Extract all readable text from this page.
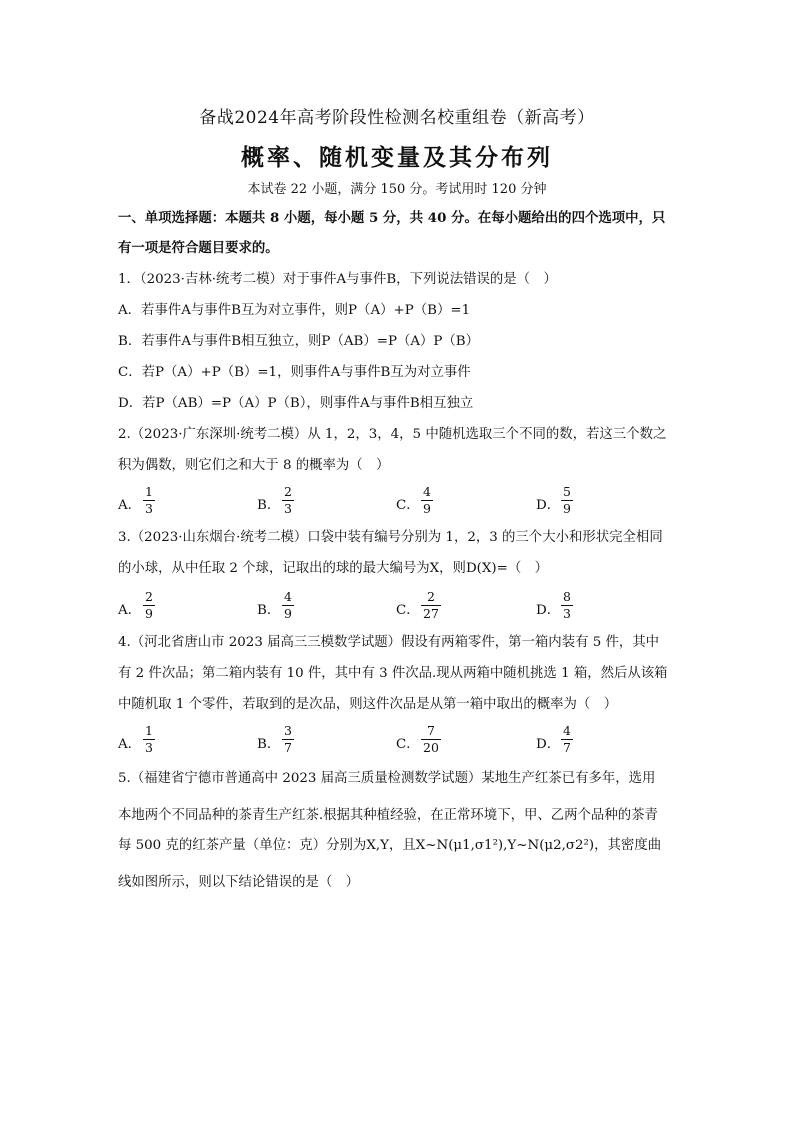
备战2024年高考阶段性检测名校重组卷（新高考）
概率、随机变量及其分布列
本试卷 22 小题，满分 150 分。考试用时 120 分钟
一、单项选择题：本题共 8 小题，每小题 5 分，共 40 分。在每小题给出的四个选项中，只
有一项是符合题目要求的。
1．（2023·吉林·统考二模）对于事件A与事件B，下列说法错误的是（　）
A．若事件A与事件B互为对立事件，则P（A）+P（B）=1
B．若事件A与事件B相互独立，则P（AB）=P（A）P（B）
C．若P（A）+P（B）=1，则事件A与事件B互为对立事件
D．若P（AB）=P（A）P（B），则事件A与事件B相互独立
2.（2023·广东深圳·统考二模）从 1，2，3，4，5 中随机选取三个不同的数，若这三个数之
积为偶数，则它们之和大于 8 的概率为（　）
A．
1
3	B．
2
3	C．
4
9	D．
5
9
3.（2023·山东烟台·统考二模）口袋中装有编号分别为 1，2，3 的三个大小和形状完全相同
的小球，从中任取 2 个球，记取出的球的最大编号为X，则D(X)=（　）
A．
2
9	B．
4
9	C．
2
27	D．
8
3
4.（河北省唐山市 2023 届高三三模数学试题）假设有两箱零件，第一箱内装有 5 件，其中
有 2 件次品；第二箱内装有 10 件，其中有 3 件次品.现从两箱中随机挑选 1 箱，然后从该箱
中随机取 1 个零件，若取到的是次品，则这件次品是从第一箱中取出的概率为（　）
A．
1
3	B．
3
7	C．
7
20	D．
4
7
5.（福建省宁德市普通高中 2023 届高三质量检测数学试题）某地生产红茶已有多年，选用
本地两个不同品种的茶青生产红茶.根据其种植经验，在正常环境下，甲、乙两个品种的茶青
每 500 克的红茶产量（单位：克）分别为X,Y，且X~N(μ1,σ1²),Y~N(μ2,σ2²)，其密度曲
线如图所示，则以下结论错误的是（　）
